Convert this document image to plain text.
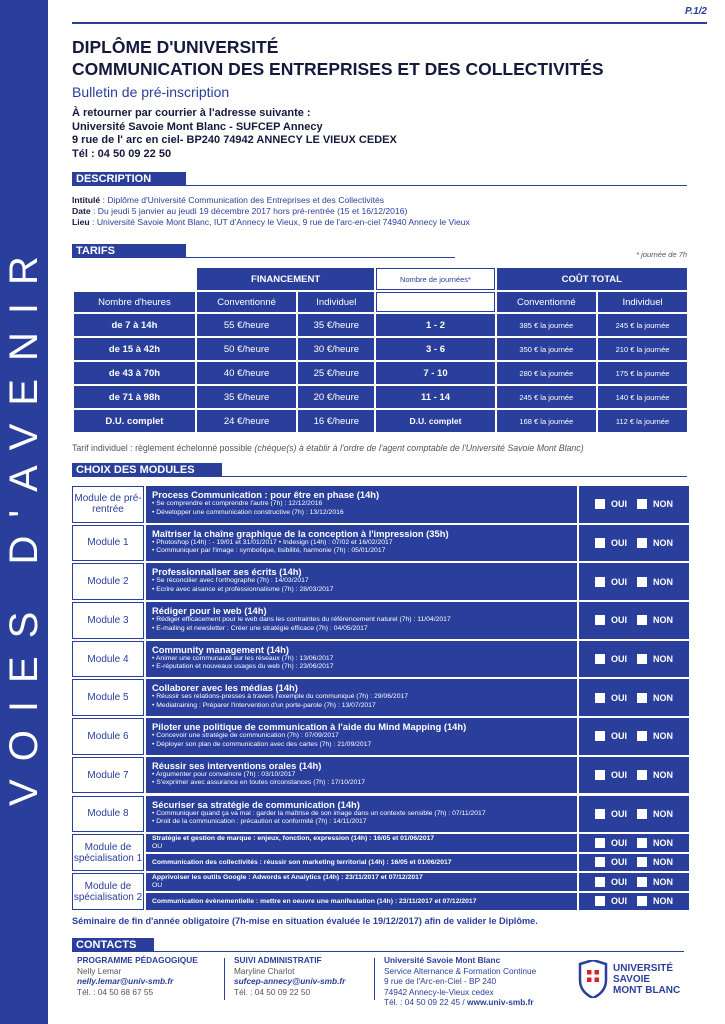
VOIES D'AVENIR
P.1/2
DIPLÔME D'UNIVERSITÉ
COMMUNICATION DES ENTREPRISES ET DES COLLECTIVITÉS
Bulletin de pré-inscription
À retourner par courrier à l'adresse suivante :
Université Savoie Mont Blanc - SUFCEP Annecy
9 rue de l' arc en ciel- BP240 74942 ANNECY LE VIEUX CEDEX
Tél : 04 50 09 22 50
DESCRIPTION
Intitulé : Diplôme d'Université Communication des Entreprises et des Collectivités
Date : Du jeudi 5 janvier au jeudi 19 décembre 2017 hors pré-rentrée (15 et 16/12/2016)
Lieu : Université Savoie Mont Blanc, IUT d'Annecy le Vieux, 9 rue de l'arc-en-ciel 74940 Annecy le Vieux
TARIFS	* journée de 7h
	FINANCEMENT		Nombre de journées*	COÛT TOTAL	
Nombre d'heures	Conventionné	Individuel		Conventionné	Individuel
de 7 à 14h	55 €/heure	35 €/heure	1 - 2	385 € la journée	245 € la journée
de 15 à 42h	50 €/heure	30 €/heure	3 - 6	350 € la journée	210 € la journée
de 43 à 70h	40 €/heure	25 €/heure	7 - 10	280 € la journée	175 € la journée
de 71 à 98h	35 €/heure	20 €/heure	11 - 14	245 € la journée	140 € la journée
D.U. complet	24 €/heure	16 €/heure	D.U. complet	168 € la journée	112 € la journée
Tarif individuel : règlement échelonné possible (chèque(s) à établir à l'ordre de l'agent comptable de l'Université Savoie Mont Blanc)
CHOIX DES MODULES
Module de pré-rentrée
Process Communication : pour être en phase (14h)
• Se comprendre et comprendre l'autre (7h) : 12/12/2016
• Développer une communication constructive (7h) : 13/12/2016
OUI	NON
Module 1
Maîtriser la chaîne graphique de la conception à l'impression (35h)
• Photoshop (14h) : - 19/01 et 31/01/2017 • Indesign (14h) : 07/02 et 16/02/2017
• Communiquer par l'image : symbolique, lisibilité, harmonie (7h) : 05/01/2017
OUI	NON
Module 2
Professionnaliser ses écrits (14h)
• Se réconcilier avec l'orthographe (7h) : 14/03/2017
• Ecrire avec aisance et professionnalisme (7h) : 28/03/2017
OUI	NON
Module 3
Rédiger pour le web (14h)
• Rédiger efficacement pour le web dans les contraintes du référencement naturel (7h) : 11/04/2017
• E-mailing et newsletter : Créer une stratégie efficace (7h) : 04/05/2017
OUI	NON
Module 4
Community management (14h)
• Animer une communauté sur les réseaux (7h) : 13/06/2017
• E-réputation et nouveaux usages du web (7h) : 23/06/2017
OUI	NON
Module 5
Collaborer avec les médias (14h)
• Réussir ses relations-presses à travers l'exemple du communiqué (7h) : 29/06/2017
• Mediatraining : Préparer l'intervention d'un porte-parole (7h) : 13/07/2017
OUI	NON
Module 6
Piloter une politique de communication à l'aide du Mind Mapping (14h)
• Concevoir une stratégie de communication (7h) : 07/09/2017
• Déployer son plan de communication avec des cartes (7h) : 21/09/2017
OUI	NON
Module 7
Réussir ses interventions orales (14h)
• Argumenter pour convaincre (7h) : 03/10/2017
• S'exprimer avec assurance en toutes circonstances (7h) : 17/10/2017
OUI	NON
Module 8
Sécuriser sa stratégie de communication (14h)
• Communiquer quand ça va mal : garder la maîtrise de son image dans un contexte sensible (7h) : 07/11/2017
• Droit de la communication : précaution et conformité (7h) : 14/11/2017
OUI	NON
Module de spécialisation 1
Stratégie et gestion de marque : enjeux, fonction, expression (14h) : 16/05 et 01/06/2017
OU	OUI	NON
Communication des collectivités : réussir son marketing territorial (14h) : 16/05 et 01/06/2017	OUI	NON
Module de spécialisation 2
Apprivoiser les outils Google : Adwords et Analytics (14h) : 23/11/2017 et 07/12/2017
OU	OUI	NON
Communication évènementielle : mettre en oeuvre une manifestation (14h) : 23/11/2017 et 07/12/2017	OUI	NON
Séminaire de fin d'année obligatoire (7h-mise en situation évaluée le 19/12/2017) afin de valider le Diplôme.
CONTACTS
PROGRAMME PÉDAGOGIQUE
Nelly Lemar
nelly.lemar@univ-smb.fr
Tél. : 04 50 68 67 55
SUIVI ADMINISTRATIF
Maryline Charlot
sufcep-annecy@univ-smb.fr
Tél. : 04 50 09 22 50
Université Savoie Mont Blanc
Service Alternance & Formation Continue
9 rue de l'Arc-en-Ciel - BP 240
74942 Annecy-le-Vieux cedex
Tél. : 04 50 09 22 45 / www.univ-smb.fr
UNIVERSITÉ
SAVOIE
MONT BLANC
